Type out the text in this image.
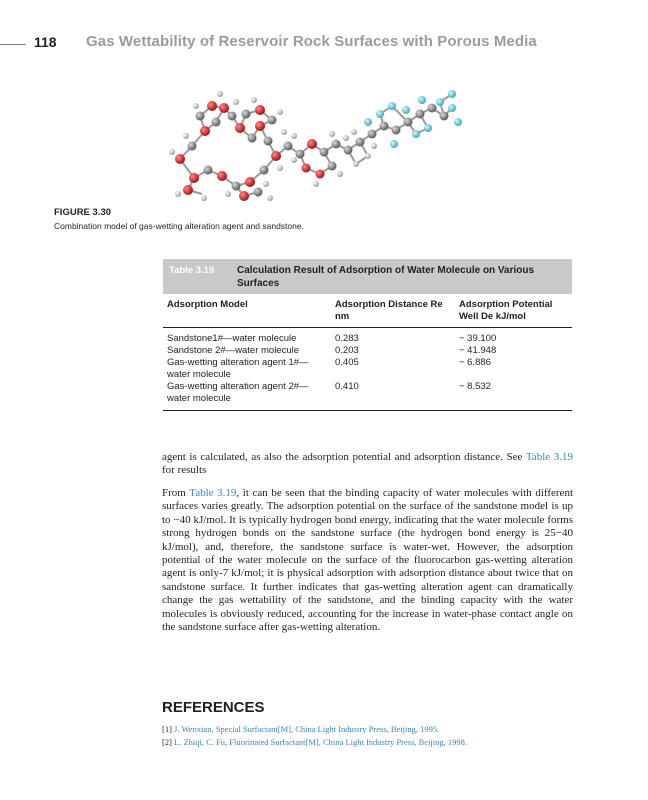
118 Gas Wettability of Reservoir Rock Surfaces with Porous Media
FIGURE 3.30
Combination model of gas-wetting alteration agent and sandstone.
Table 3.19	Calculation Result of Adsorption of Water Molecule on Various Surfaces
Adsorption Model	Adsorption Distance Re nm	Adsorption Potential Well De kJ/mol
Sandstone1#—water molecule	0.283	− 39.100
Sandstone 2#—water molecule	0.203	− 41.948
Gas-wetting alteration agent 1#—water molecule	0.405	− 6.886
Gas-wetting alteration agent 2#—water molecule	0.410	− 8.532
agent is calculated, as also the adsorption potential and adsorption distance. See Table 3.19 for results
From Table 3.19, it can be seen that the binding capacity of water molecules with different surfaces varies greatly. The adsorption potential on the surface of the sandstone model is up to −40 kJ/mol. It is typically hydrogen bond energy, indicating that the water molecule forms strong hydrogen bonds on the sandstone surface (the hydrogen bond energy is 25−40 kJ/mol), and, therefore, the sandstone surface is water-wet. However, the adsorption potential of the water molecule on the surface of the fluorocarbon gas-wetting alteration agent is only-7 kJ/mol; it is physical adsorption with adsorption distance about twice that on sandstone surface. It further indicates that gas-wetting alteration agent can dramatically change the gas wettability of the sandstone, and the binding capacity with the water molecules is obviously reduced, accounting for the increase in water-phase contact angle on the sandstone surface after gas-wetting alteration.
REFERENCES
[1] J. Wenxian, Special Surfactant[M], China Light Industry Press, Beijing, 1995.
[2] L. Zhiqi, C. Fu, Fluorinated Surfactant[M], China Light Industry Press, Beijing, 1998.
